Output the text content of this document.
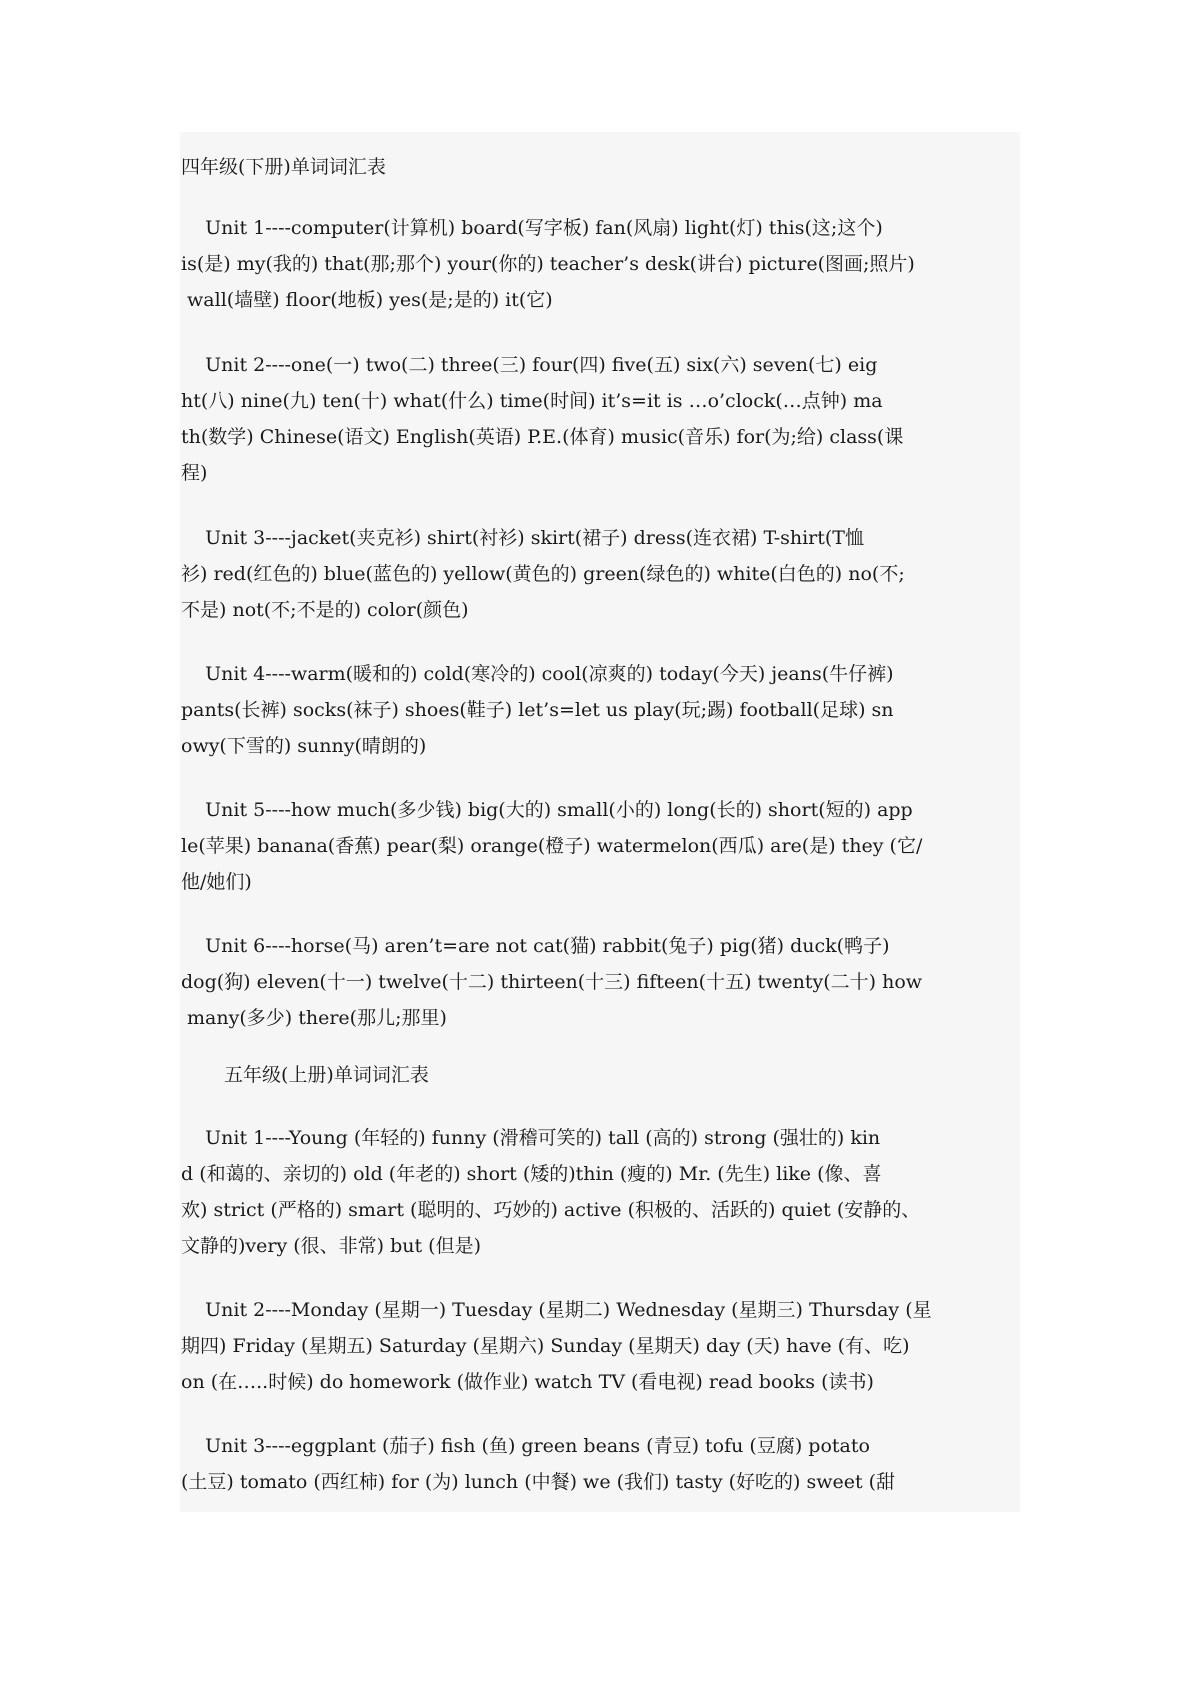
四年级(下册)单词词汇表

Unit 1----computer(计算机) board(写字板) fan(风扇) light(灯) this(这;这个)
is(是) my(我的) that(那;那个) your(你的) teacher’s desk(讲台) picture(图画;照片)
wall(墙壁) floor(地板) yes(是;是的) it(它)

Unit 2----one(一) two(二) three(三) four(四) five(五) six(六) seven(七) eig
ht(八) nine(九) ten(十) what(什么) time(时间) it’s=it is …o’clock(…点钟) ma
th(数学) Chinese(语文) English(英语) P.E.(体育) music(音乐) for(为;给) class(课
程)

Unit 3----jacket(夹克衫) shirt(衬衫) skirt(裙子) dress(连衣裙) T-shirt(T恤
衫) red(红色的) blue(蓝色的) yellow(黄色的) green(绿色的) white(白色的) no(不;
不是) not(不;不是的) color(颜色)

Unit 4----warm(暖和的) cold(寒冷的) cool(凉爽的) today(今天) jeans(牛仔裤)
pants(长裤) socks(袜子) shoes(鞋子) let’s=let us play(玩;踢) football(足球) sn
owy(下雪的) sunny(晴朗的)

Unit 5----how much(多少钱) big(大的) small(小的) long(长的) short(短的) app
le(苹果) banana(香蕉) pear(梨) orange(橙子) watermelon(西瓜) are(是) they (它/
他/她们)

Unit 6----horse(马) aren’t=are not cat(猫) rabbit(兔子) pig(猪) duck(鸭子)
dog(狗) eleven(十一) twelve(十二) thirteen(十三) fifteen(十五) twenty(二十) how
many(多少) there(那儿;那里)

五年级(上册)单词词汇表

Unit 1----Young (年轻的) funny (滑稽可笑的) tall (高的) strong (强壮的) kin
d (和蔼的、亲切的) old (年老的) short (矮的)thin (瘦的) Mr. (先生) like (像、喜
欢) strict (严格的) smart (聪明的、巧妙的) active (积极的、活跃的) quiet (安静的、
文静的)very (很、非常) but (但是)

Unit 2----Monday (星期一) Tuesday (星期二) Wednesday (星期三) Thursday (星
期四) Friday (星期五) Saturday (星期六) Sunday (星期天) day (天) have (有、吃)
on (在…..时候) do homework (做作业) watch TV (看电视) read books (读书)

Unit 3----eggplant (茄子) fish (鱼) green beans (青豆) tofu (豆腐) potato
(土豆) tomato (西红柿) for (为) lunch (中餐) we (我们) tasty (好吃的) sweet (甜
